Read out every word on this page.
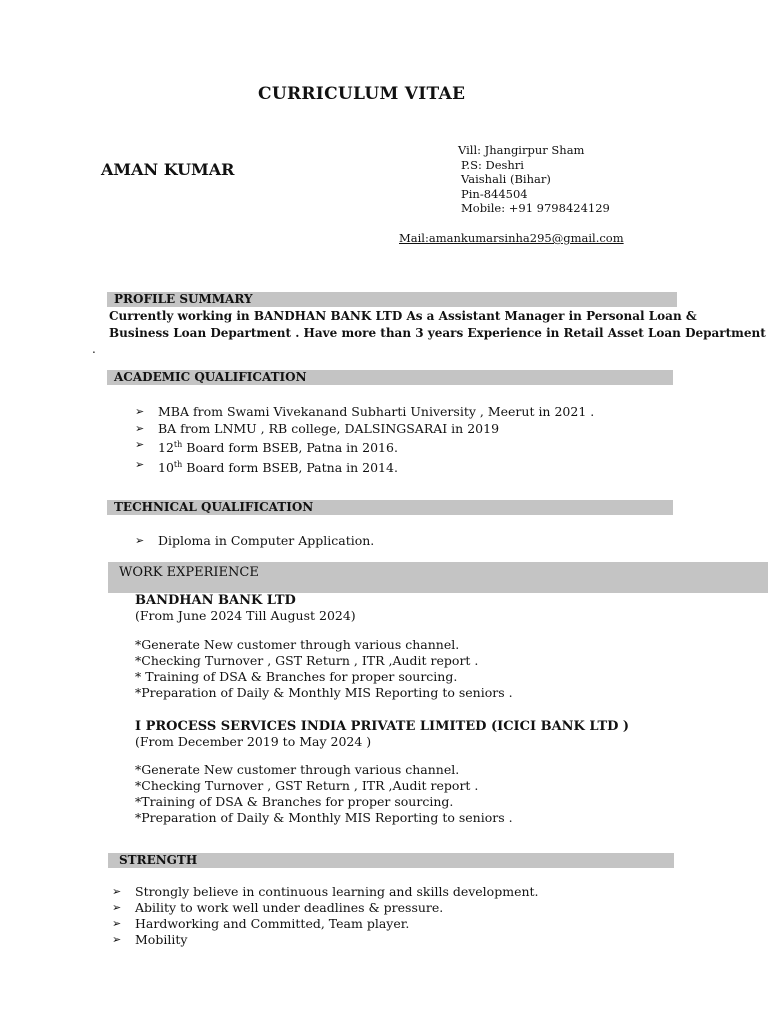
CURRICULUM VITAE
AMAN KUMAR
Vill: Jhangirpur Sham
P.S: Deshri
Vaishali (Bihar)
Pin-844504
Mobile: +91 9798424129
Mail:amankumarsinha295@gmail.com
PROFILE SUMMARY
Currently working in BANDHAN BANK LTD As a Assistant Manager in Personal Loan &
Business Loan Department . Have more than 3 years Experience in Retail Asset Loan Department
.
ACADEMIC QUALIFICATION
➢ MBA from Swami Vivekanand Subharti University , Meerut in 2021 .
➢ BA from LNMU , RB college, DALSINGSARAI in 2019
➢ 12th Board form BSEB, Patna in 2016.
➢ 10th Board form BSEB, Patna in 2014.
TECHNICAL QUALIFICATION
➢ Diploma in Computer Application.
WORK EXPERIENCE
BANDHAN BANK LTD
(From June 2024 Till August 2024)
*Generate New customer through various channel.
*Checking Turnover , GST Return , ITR ,Audit report .
* Training of DSA & Branches for proper sourcing.
*Preparation of Daily & Monthly MIS Reporting to seniors .
I PROCESS SERVICES INDIA PRIVATE LIMITED (ICICI BANK LTD )
(From December 2019 to May 2024 )
*Generate New customer through various channel.
*Checking Turnover , GST Return , ITR ,Audit report .
*Training of DSA & Branches for proper sourcing.
*Preparation of Daily & Monthly MIS Reporting to seniors .
STRENGTH
➢ Strongly believe in continuous learning and skills development.
➢ Ability to work well under deadlines & pressure.
➢ Hardworking and Committed, Team player.
➢ Mobility
